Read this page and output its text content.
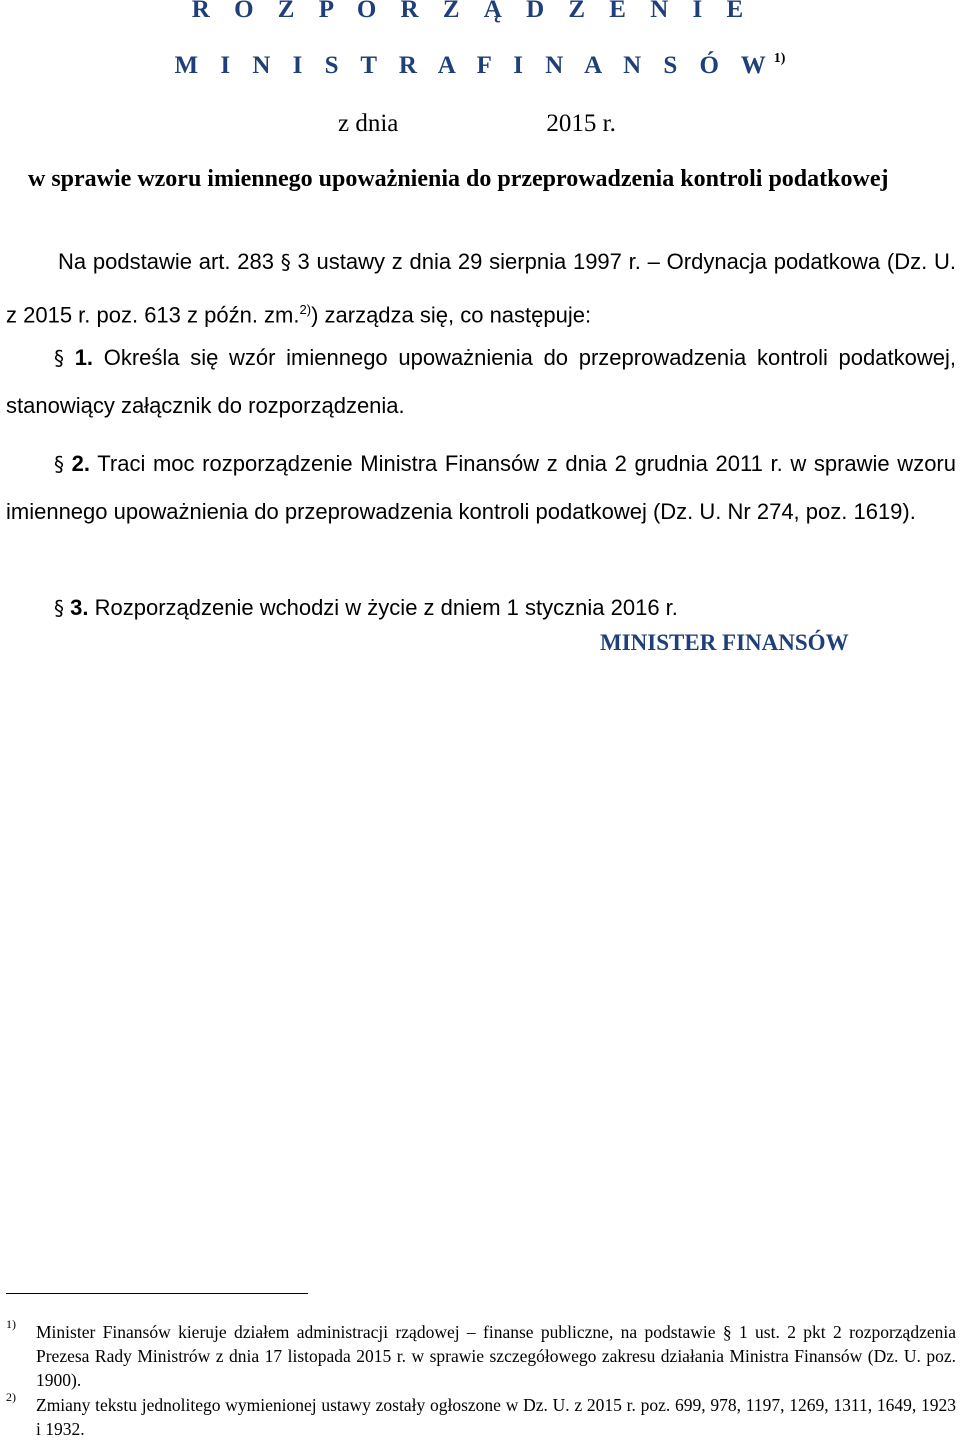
R O Z P O R Z Ą D Z E N I E
M I N I S T R A F I N A N S Ó $W^{1)}$
z dnia	2015 r.
w sprawie wzoru imiennego upoważnienia do przeprowadzenia kontroli podatkowej
Na podstawie art. 283 § 3 ustawy z dnia 29 sierpnia 1997 r. – Ordynacja podatkowa (Dz. U. z 2015 r. poz. 613 z późn. zm.$^{2)}$) zarządza się, co następuje:
§ 1. Określa się wzór imiennego upoważnienia do przeprowadzenia kontroli podatkowej, stanowiący załącznik do rozporządzenia.
§ 2. Traci moc rozporządzenie Ministra Finansów z dnia 2 grudnia 2011 r. w sprawie wzoru imiennego upoważnienia do przeprowadzenia kontroli podatkowej (Dz. U. Nr 274, poz. 1619).
§ 3. Rozporządzenie wchodzi w życie z dniem 1 stycznia 2016 r.
MINISTER FINANSÓW
1) Minister Finansów kieruje działem administracji rządowej – finanse publiczne, na podstawie § 1 ust. 2 pkt 2 rozporządzenia Prezesa Rady Ministrów z dnia 17 listopada 2015 r. w sprawie szczegółowego zakresu działania Ministra Finansów (Dz. U. poz. 1900).
2) Zmiany tekstu jednolitego wymienionej ustawy zostały ogłoszone w Dz. U. z 2015 r. poz. 699, 978, 1197, 1269, 1311, 1649, 1923 i 1932.
